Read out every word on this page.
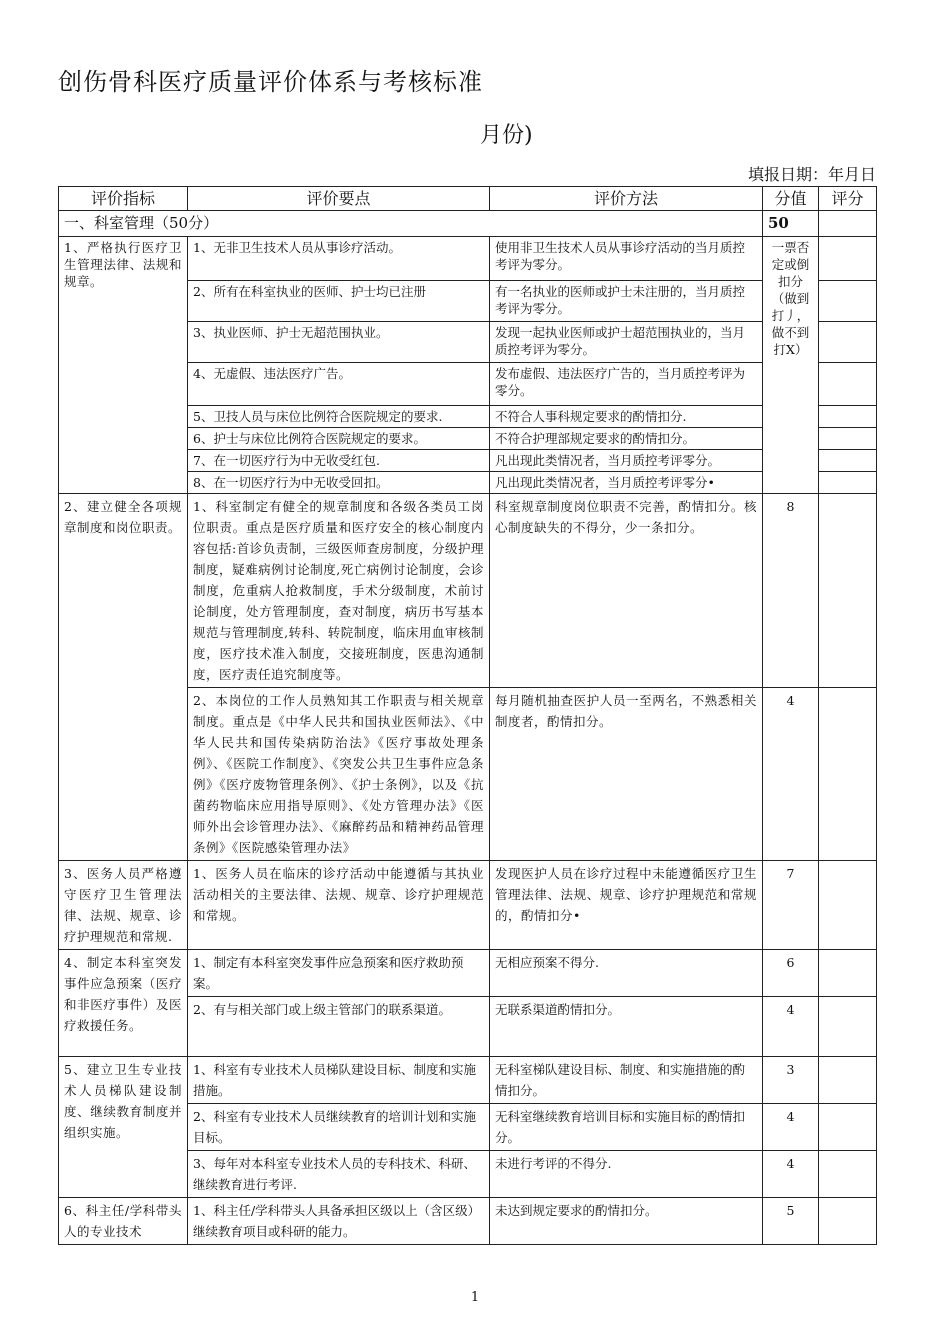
创伤骨科医疗质量评价体系与考核标准
月份)
填报日期：年月日
评价指标	评价要点	评价方法	分值	评分
一、科室管理（50分）			50	
1、严格执行医疗卫生管理法律、法规和规章。	1、无非卫生技术人员从事诊疗活动。	使用非卫生技术人员从事诊疗活动的当月质控考评为零分。	一票否定或倒扣分（做到打丿，做不到打X）	
	2、所有在科室执业的医师、护士均已注册	有一名执业的医师或护士未注册的，当月质控考评为零分。		
	3、执业医师、护士无超范围执业。	发现一起执业医师或护士超范围执业的，当月质控考评为零分。		
	4、无虚假、违法医疗广告。	发布虚假、违法医疗广告的，当月质控考评为零分。		
	5、卫技人员与床位比例符合医院规定的要求.	不符合人事科规定要求的酌情扣分.		
	6、护士与床位比例符合医院规定的要求。	不符合护理部规定要求的酌情扣分。		
	7、在一切医疗行为中无收受红包.	凡出现此类情况者，当月质控考评零分。		
	8、在一切医疗行为中无收受回扣。	凡出现此类情况者，当月质控考评零分•		
2、建立健全各项规章制度和岗位职责。	1、科室制定有健全的规章制度和各级各类员工岗位职责。重点是医疗质量和医疗安全的核心制度内容包括:首诊负责制，三级医师查房制度，分级护理制度，疑难病例讨论制度,死亡病例讨论制度，会诊制度，危重病人抢救制度，手术分级制度，术前讨论制度，处方管理制度，查对制度，病历书写基本规范与管理制度,转科、转院制度，临床用血审核制度，医疗技术准入制度，交接班制度，医患沟通制度，医疗责任追究制度等。	科室规章制度岗位职责不完善，酌情扣分。核心制度缺失的不得分，少一条扣分。	8	
	2、本岗位的工作人员熟知其工作职责与相关规章制度。重点是《中华人民共和国执业医师法》、《中华人民共和国传染病防治法》《医疗事故处理条例》、《医院工作制度》、《突发公共卫生事件应急条例》《医疗废物管理条例》、《护士条例》，以及《抗菌药物临床应用指导原则》、《处方管理办法》《医师外出会诊管理办法》、《麻醉药品和精神药品管理条例》《医院感染管理办法》	每月随机抽查医护人员一至两名，不熟悉相关制度者，酌情扣分。	4	
3、医务人员严格遵守医疗卫生管理法律、法规、规章、诊疗护理规范和常规.	1、医务人员在临床的诊疗活动中能遵循与其执业活动相关的主要法律、法规、规章、诊疗护理规范和常规。	发现医护人员在诊疗过程中未能遵循医疗卫生管理法律、法规、规章、诊疗护理规范和常规的，酌情扣分•	7	
4、制定本科室突发事件应急预案（医疗和非医疗事件）及医疗救援任务。	1、制定有本科室突发事件应急预案和医疗救助预案。	无相应预案不得分.	6	
	2、有与相关部门或上级主管部门的联系渠道。	无联系渠道酌情扣分。	4	
5、建立卫生专业技术人员梯队建设制度、继续教育制度并组织实施。	1、科室有专业技术人员梯队建设目标、制度和实施措施。	无科室梯队建设目标、制度、和实施措施的酌情扣分。	3	
	2、科室有专业技术人员继续教育的培训计划和实施目标。	无科室继续教育培训目标和实施目标的酌情扣分。	4	
	3、每年对本科室专业技术人员的专科技术、科研、继续教育进行考评.	未进行考评的不得分.	4	
6、科主任/学科带头人的专业技术	1、科主任/学科带头人具备承担区级以上（含区级）继续教育项目或科研的能力。	未达到规定要求的酌情扣分。	5	
1
